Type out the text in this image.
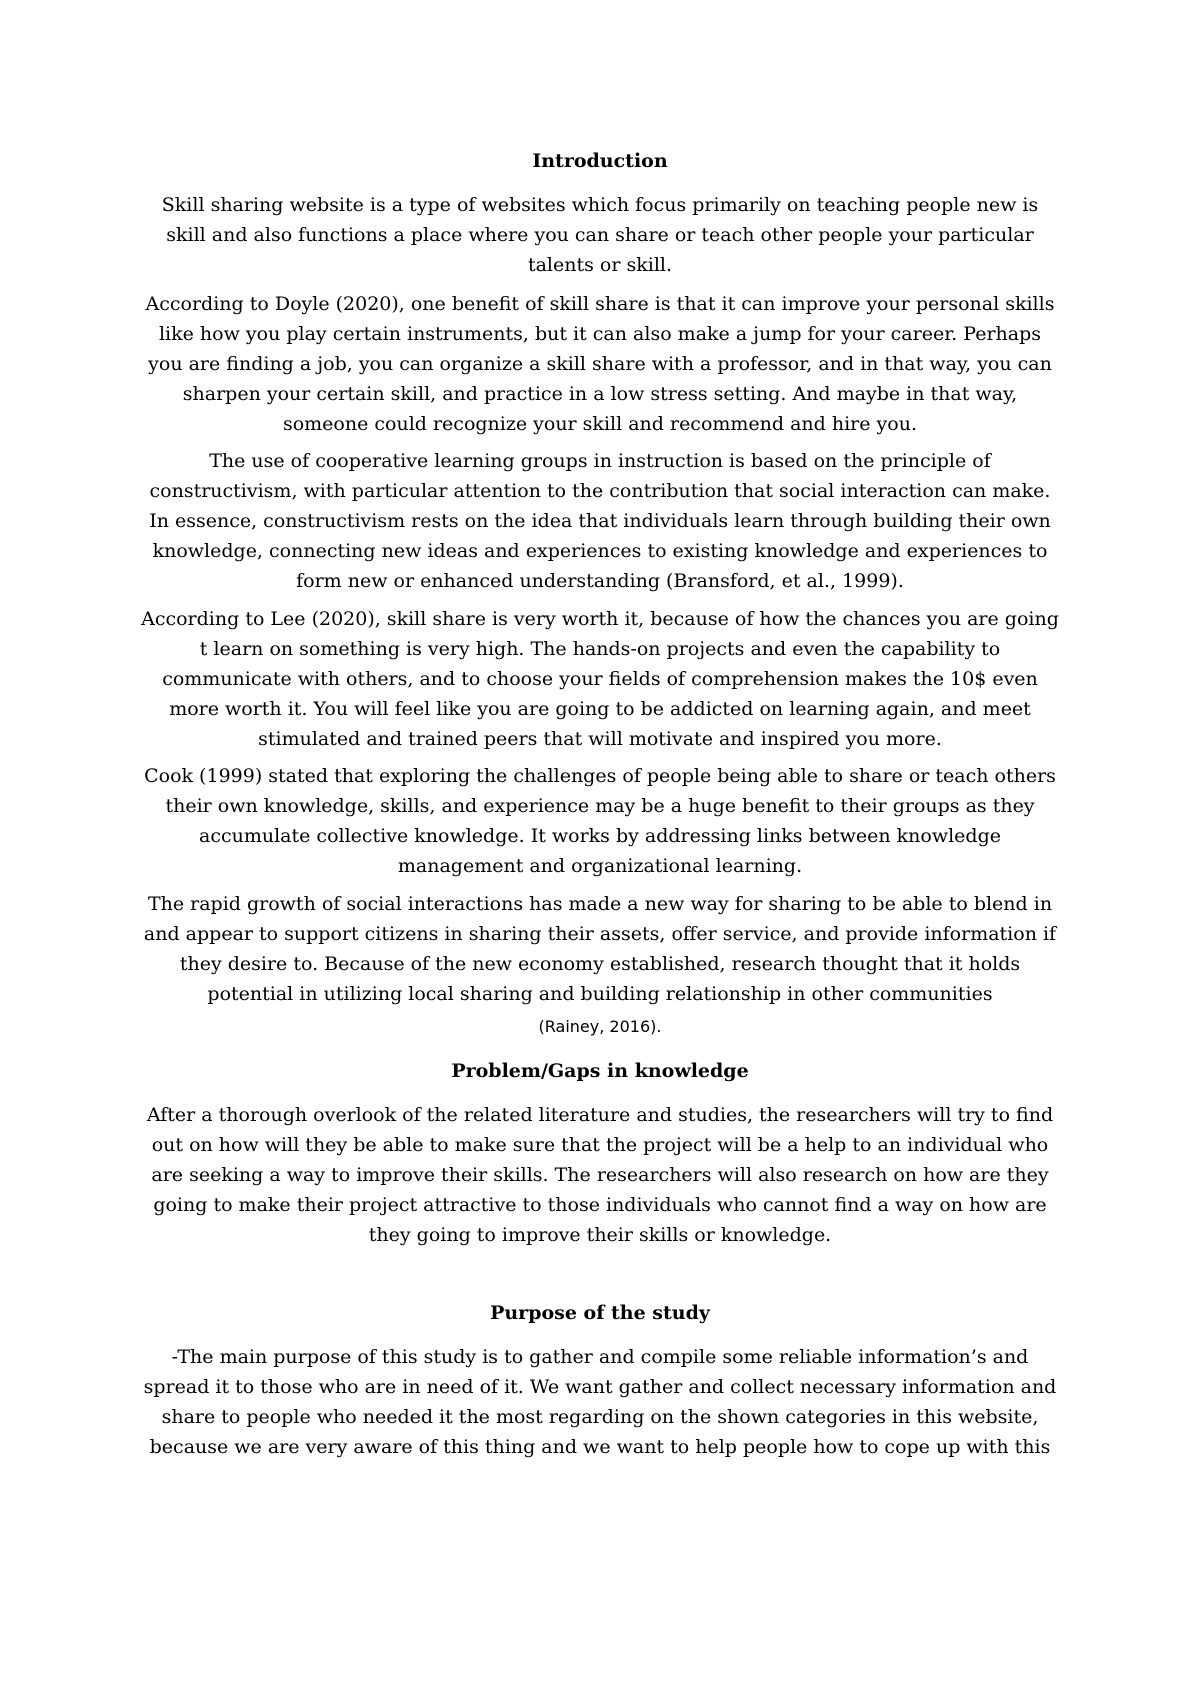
Introduction

Skill sharing website is a type of websites which focus primarily on teaching people new is skill and also functions a place where you can share or teach other people your particular talents or skill.

According to Doyle (2020), one benefit of skill share is that it can improve your personal skills like how you play certain instruments, but it can also make a jump for your career. Perhaps you are finding a job, you can organize a skill share with a professor, and in that way, you can sharpen your certain skill, and practice in a low stress setting. And maybe in that way, someone could recognize your skill and recommend and hire you.

The use of cooperative learning groups in instruction is based on the principle of constructivism, with particular attention to the contribution that social interaction can make. In essence, constructivism rests on the idea that individuals learn through building their own knowledge, connecting new ideas and experiences to existing knowledge and experiences to form new or enhanced understanding (Bransford, et al., 1999).

According to Lee (2020), skill share is very worth it, because of how the chances you are going t learn on something is very high. The hands-on projects and even the capability to communicate with others, and to choose your fields of comprehension makes the 10$ even more worth it. You will feel like you are going to be addicted on learning again, and meet stimulated and trained peers that will motivate and inspired you more.

Cook (1999) stated that exploring the challenges of people being able to share or teach others their own knowledge, skills, and experience may be a huge benefit to their groups as they accumulate collective knowledge. It works by addressing links between knowledge management and organizational learning.

The rapid growth of social interactions has made a new way for sharing to be able to blend in and appear to support citizens in sharing their assets, offer service, and provide information if they desire to. Because of the new economy established, research thought that it holds potential in utilizing local sharing and building relationship in other communities

(Rainey, 2016).

Problem/Gaps in knowledge

After a thorough overlook of the related literature and studies, the researchers will try to find out on how will they be able to make sure that the project will be a help to an individual who are seeking a way to improve their skills. The researchers will also research on how are they going to make their project attractive to those individuals who cannot find a way on how are they going to improve their skills or knowledge.

Purpose of the study

-The main purpose of this study is to gather and compile some reliable information’s and spread it to those who are in need of it. We want gather and collect necessary information and share to people who needed it the most regarding on the shown categories in this website, because we are very aware of this thing and we want to help people how to cope up with this
